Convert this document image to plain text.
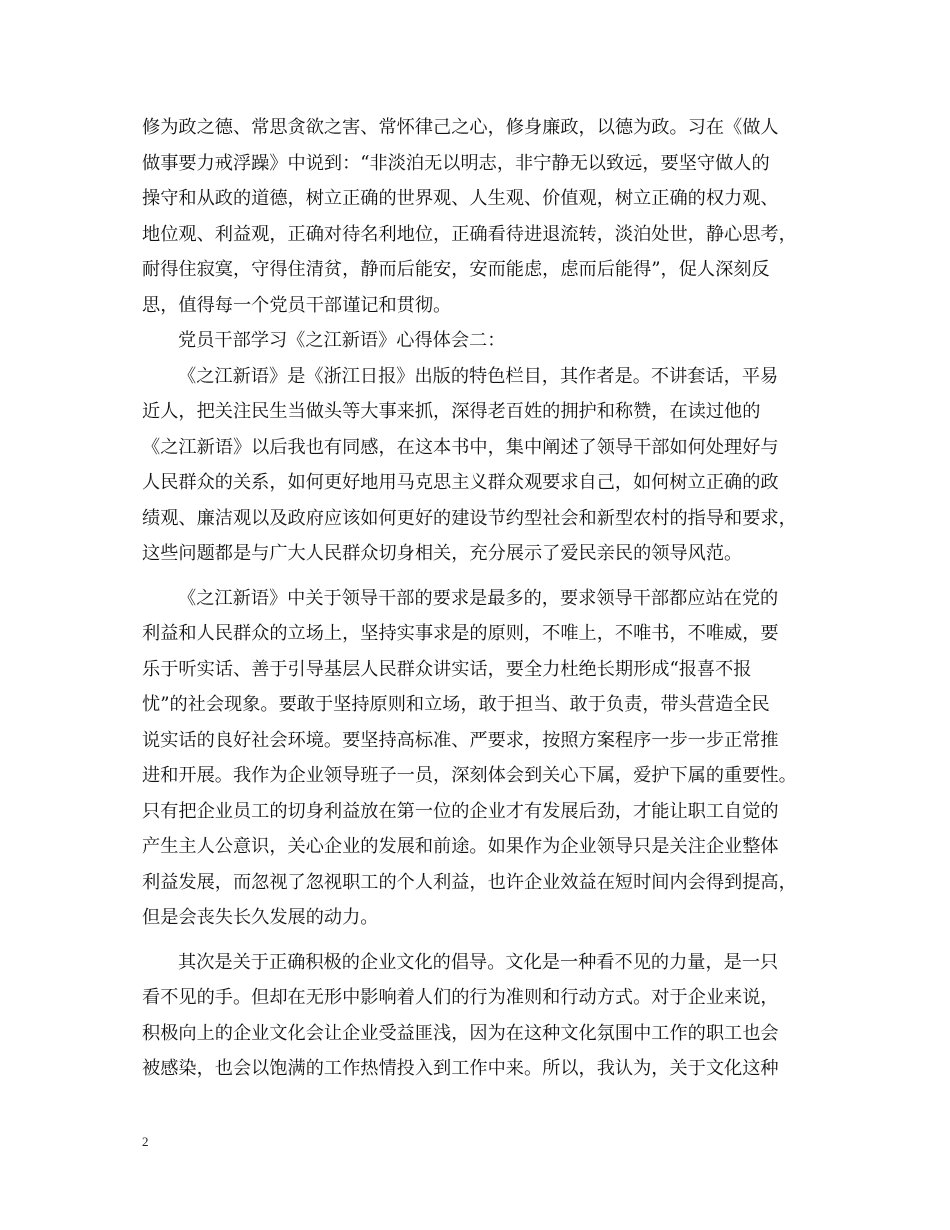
修为政之德、常思贪欲之害、常怀律己之心，修身廉政，以德为政。习在《做人
做事要力戒浮躁》中说到：“非淡泊无以明志，非宁静无以致远，要坚守做人的
操守和从政的道德，树立正确的世界观、人生观、价值观，树立正确的权力观、
地位观、利益观，正确对待名利地位，正确看待进退流转，淡泊处世，静心思考，
耐得住寂寞，守得住清贫，静而后能安，安而能虑，虑而后能得”，促人深刻反
思，值得每一个党员干部谨记和贯彻。
党员干部学习《之江新语》心得体会二：
《之江新语》是《浙江日报》出版的特色栏目，其作者是。不讲套话，平易
近人，把关注民生当做头等大事来抓，深得老百姓的拥护和称赞，在读过他的
《之江新语》以后我也有同感，在这本书中，集中阐述了领导干部如何处理好与
人民群众的关系，如何更好地用马克思主义群众观要求自己，如何树立正确的政
绩观、廉洁观以及政府应该如何更好的建设节约型社会和新型农村的指导和要求，
这些问题都是与广大人民群众切身相关，充分展示了爱民亲民的领导风范。
《之江新语》中关于领导干部的要求是最多的，要求领导干部都应站在党的
利益和人民群众的立场上，坚持实事求是的原则，不唯上，不唯书，不唯威，要
乐于听实话、善于引导基层人民群众讲实话，要全力杜绝长期形成“报喜不报
忧”的社会现象。要敢于坚持原则和立场，敢于担当、敢于负责，带头营造全民
说实话的良好社会环境。要坚持高标准、严要求，按照方案程序一步一步正常推
进和开展。我作为企业领导班子一员，深刻体会到关心下属，爱护下属的重要性。
只有把企业员工的切身利益放在第一位的企业才有发展后劲，才能让职工自觉的
产生主人公意识，关心企业的发展和前途。如果作为企业领导只是关注企业整体
利益发展，而忽视了忽视职工的个人利益，也许企业效益在短时间内会得到提高，
但是会丧失长久发展的动力。
其次是关于正确积极的企业文化的倡导。文化是一种看不见的力量，是一只
看不见的手。但却在无形中影响着人们的行为准则和行动方式。对于企业来说，
积极向上的企业文化会让企业受益匪浅，因为在这种文化氛围中工作的职工也会
被感染，也会以饱满的工作热情投入到工作中来。所以，我认为，关于文化这种
2
